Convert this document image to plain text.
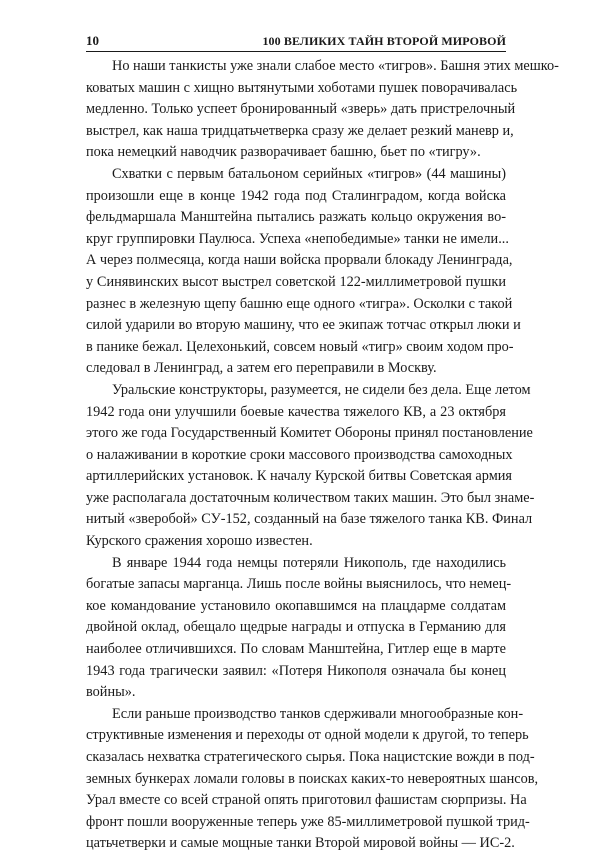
10	100 ВЕЛИКИХ ТАЙН ВТОРОЙ МИРОВОЙ
Но наши танкисты уже знали слабое место «тигров». Башня этих мешко-
коватых машин с хищно вытянутыми хоботами пушек поворачивалась
медленно. Только успеет бронированный «зверь» дать пристрелочный
выстрел, как наша тридцатьчетверка сразу же делает резкий маневр и,
пока немецкий наводчик разворачивает башню, бьет по «тигру».
Схватки с первым батальоном серийных «тигров» (44 машины)
произошли еще в конце 1942 года под Сталинградом, когда войска
фельдмаршала Манштейна пытались разжать кольцо окружения во-
круг группировки Паулюса. Успеха «непобедимые» танки не имели...
А через полмесяца, когда наши войска прорвали блокаду Ленинграда,
у Синявинских высот выстрел советской 122-миллиметровой пушки
разнес в железную щепу башню еще одного «тигра». Осколки с такой
силой ударили во вторую машину, что ее экипаж тотчас открыл люки и
в панике бежал. Целехонький, совсем новый «тигр» своим ходом про-
следовал в Ленинград, а затем его переправили в Москву.
Уральские конструкторы, разумеется, не сидели без дела. Еще летом
1942 года они улучшили боевые качества тяжелого КВ, а 23 октября
этого же года Государственный Комитет Обороны принял постановление
о налаживании в короткие сроки массового производства самоходных
артиллерийских установок. К началу Курской битвы Советская армия
уже располагала достаточным количеством таких машин. Это был знаме-
нитый «зверобой» СУ-152, созданный на базе тяжелого танка КВ. Финал
Курского сражения хорошо известен.
В январе 1944 года немцы потеряли Никополь, где находились
богатые запасы марганца. Лишь после войны выяснилось, что немец-
кое командование установило окопавшимся на плацдарме солдатам
двойной оклад, обещало щедрые награды и отпуска в Германию для
наиболее отличившихся. По словам Манштейна, Гитлер еще в марте
1943 года трагически заявил: «Потеря Никополя означала бы конец
войны».
Если раньше производство танков сдерживали многообразные кон-
структивные изменения и переходы от одной модели к другой, то теперь
сказалась нехватка стратегического сырья. Пока нацистские вожди в под-
земных бункерах ломали головы в поисках каких-то невероятных шансов,
Урал вместе со всей страной опять приготовил фашистам сюрпризы. На
фронт пошли вооруженные теперь уже 85-миллиметровой пушкой трид-
цатьчетверки и самые мощные танки Второй мировой войны — ИС-2.
